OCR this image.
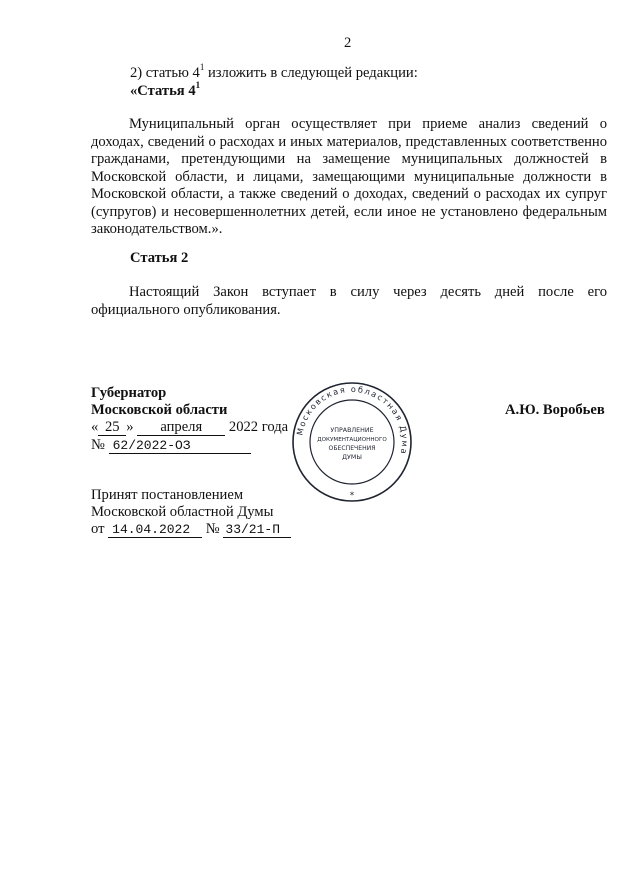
2
2) статью $4^1$ изложить в следующей редакции:
«Статья $4^1$
Муниципальный орган осуществляет при приеме анализ сведений о доходах, сведений о расходах и иных материалов, представленных соответственно гражданами, претендующими на замещение муниципальных должностей в Московской области, и лицами, замещающими муниципальные должности в Московской области, а также сведений о доходах, сведений о расходах их супруг (супругов) и несовершеннолетних детей, если иное не установлено федеральным законодательством.».
Статья 2
Настоящий Закон вступает в силу через десять дней после его официального опубликования.
Губернатор
Московской области	А.Ю. Воробьев
« 25 » апреля 2022 года
№ 62/2022-ОЗ
Московская областная Дума
УПРАВЛЕНИЕ
ДОКУМЕНТАЦИОННОГО
ОБЕСПЕЧЕНИЯ
ДУМЫ
*
Принят постановлением
Московской областной Думы
от 14.04.2022 № 33/21-П
